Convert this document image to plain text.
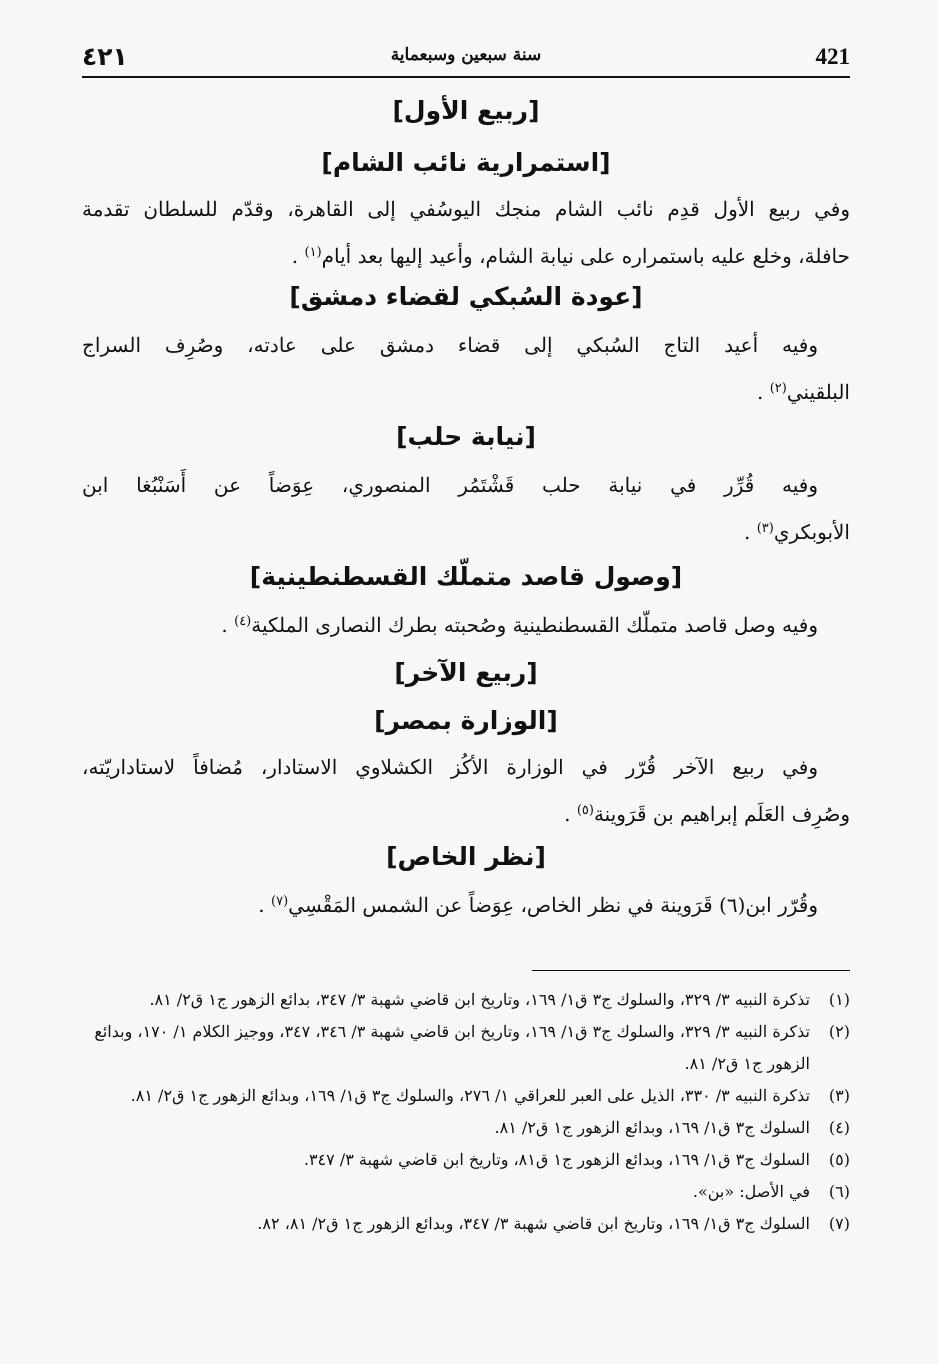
٤٢١	سنة سبعين وسبعماية	421
[ربيع الأول]
[استمرارية نائب الشام]
وفي ربيع الأول قدِم نائب الشام منجك اليوسُفي إلى القاهرة، وقدّم للسلطان تقدمة
حافلة، وخلع عليه باستمراره على نيابة الشام، وأعيد إليها بعد أيام$^{(١)}$ .
[عودة السُبكي لقضاء دمشق]
وفيه أعيد التاج السُبكي إلى قضاء دمشق على عادته، وصُرِف السراج
البلقيني$^{(٢)}$ .
[نيابة حلب]
وفيه قُرِّر في نيابة حلب قَشْتَمُر المنصوري، عِوَضاً عن أَسَنْبُغا ابن
الأبوبكري$^{(٣)}$ .
[وصول قاصد متملّك القسطنطينية]
وفيه وصل قاصد متملّك القسطنطينية وصُحبته بطرك النصارى الملكية$^{(٤)}$ .
[ربيع الآخر]
[الوزارة بمصر]
وفي ربيع الآخر قُرّر في الوزارة الأكُز الكشلاوي الاستادار، مُضافاً لاستاداريّته،
وصُرِف العَلَم إبراهيم بن قَرَوينة$^{(٥)}$ .
[نظر الخاص]
وقُرّر ابن(٦) قَرَوينة في نظر الخاص، عِوَضاً عن الشمس المَقْسِي$^{(٧)}$ .
(١)
تذكرة النبيه ٣/ ٣٢٩، والسلوك ج٣ ق١/ ١٦٩، وتاريخ ابن قاضي شهبة ٣/ ٣٤٧، بدائع الزهور ج١ ق٢/ ٨١.
(٢)
تذكرة النبيه ٣/ ٣٢٩، والسلوك ج٣ ق١/ ١٦٩، وتاريخ ابن قاضي شهبة ٣/ ٣٤٦، ٣٤٧، ووجيز الكلام ١/ ١٧٠، وبدائع الزهور ج١ ق٢/ ٨١.
(٣)
تذكرة النبيه ٣/ ٣٣٠، الذيل على العبر للعراقي ١/ ٢٧٦، والسلوك ج٣ ق١/ ١٦٩، وبدائع الزهور ج١ ق٢/ ٨١.
(٤)
السلوك ج٣ ق١/ ١٦٩، وبدائع الزهور ج١ ق٢/ ٨١.
(٥)
السلوك ج٣ ق١/ ١٦٩، وبدائع الزهور ج١ ق٨١، وتاريخ ابن قاضي شهبة ٣/ ٣٤٧.
(٦)
في الأصل: «بن».
(٧)
السلوك ج٣ ق١/ ١٦٩، وتاريخ ابن قاضي شهبة ٣/ ٣٤٧، وبدائع الزهور ج١ ق٢/ ٨١، ٨٢.
